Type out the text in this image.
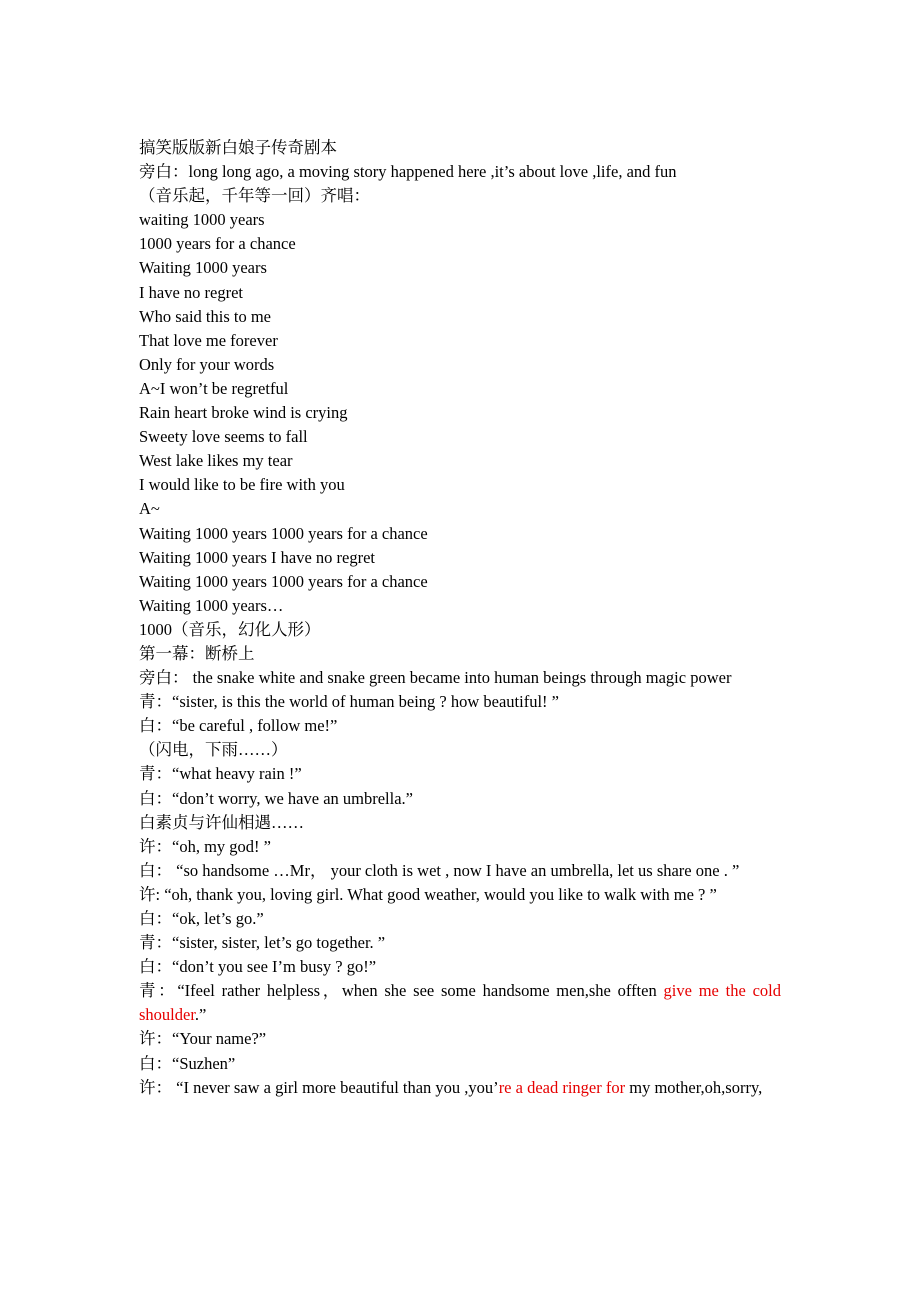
搞笑版版新白娘子传奇剧本
旁白：long long ago, a moving story happened here ,it’s about love ,life, and fun
（音乐起，千年等一回）齐唱：
waiting 1000 years
1000 years for a chance
Waiting 1000 years
I have no regret
Who said this to me
That love me forever
Only for your words
A~I won’t be regretful
Rain heart broke wind is crying
Sweety love seems to fall
West lake likes my tear
I would like to be fire with you
A~
Waiting 1000 years 1000 years for a chance
Waiting 1000 years I have no regret
Waiting 1000 years 1000 years for a chance
Waiting 1000 years…
1000（音乐，幻化人形）
第一幕：断桥上
旁白： the snake white and snake green became into human beings through magic power
青：“sister, is this the world of human being ? how beautiful! ”
白：“be careful , follow me!”
（闪电，下雨……）
青：“what heavy rain !”
白：“don’t worry, we have an umbrella.”
白素贞与许仙相遇……
许：“oh, my god! ”
白： “so handsome …Mr， your cloth is wet , now I have an umbrella, let us share one . ”
许: “oh, thank you, loving girl. What good weather, would you like to walk with me ? ”
白：“ok, let’s go.”
青：“sister, sister, let’s go together. ”
白：“don’t you see I’m busy ? go!”
青：“Ifeel rather helpless，when she see some handsome men,she offten give me the cold shoulder.”
许：“Your name?”
白：“Suzhen”
许： “I never saw a girl more beautiful than you ,you’re a dead ringer for my mother,oh,sorry,
